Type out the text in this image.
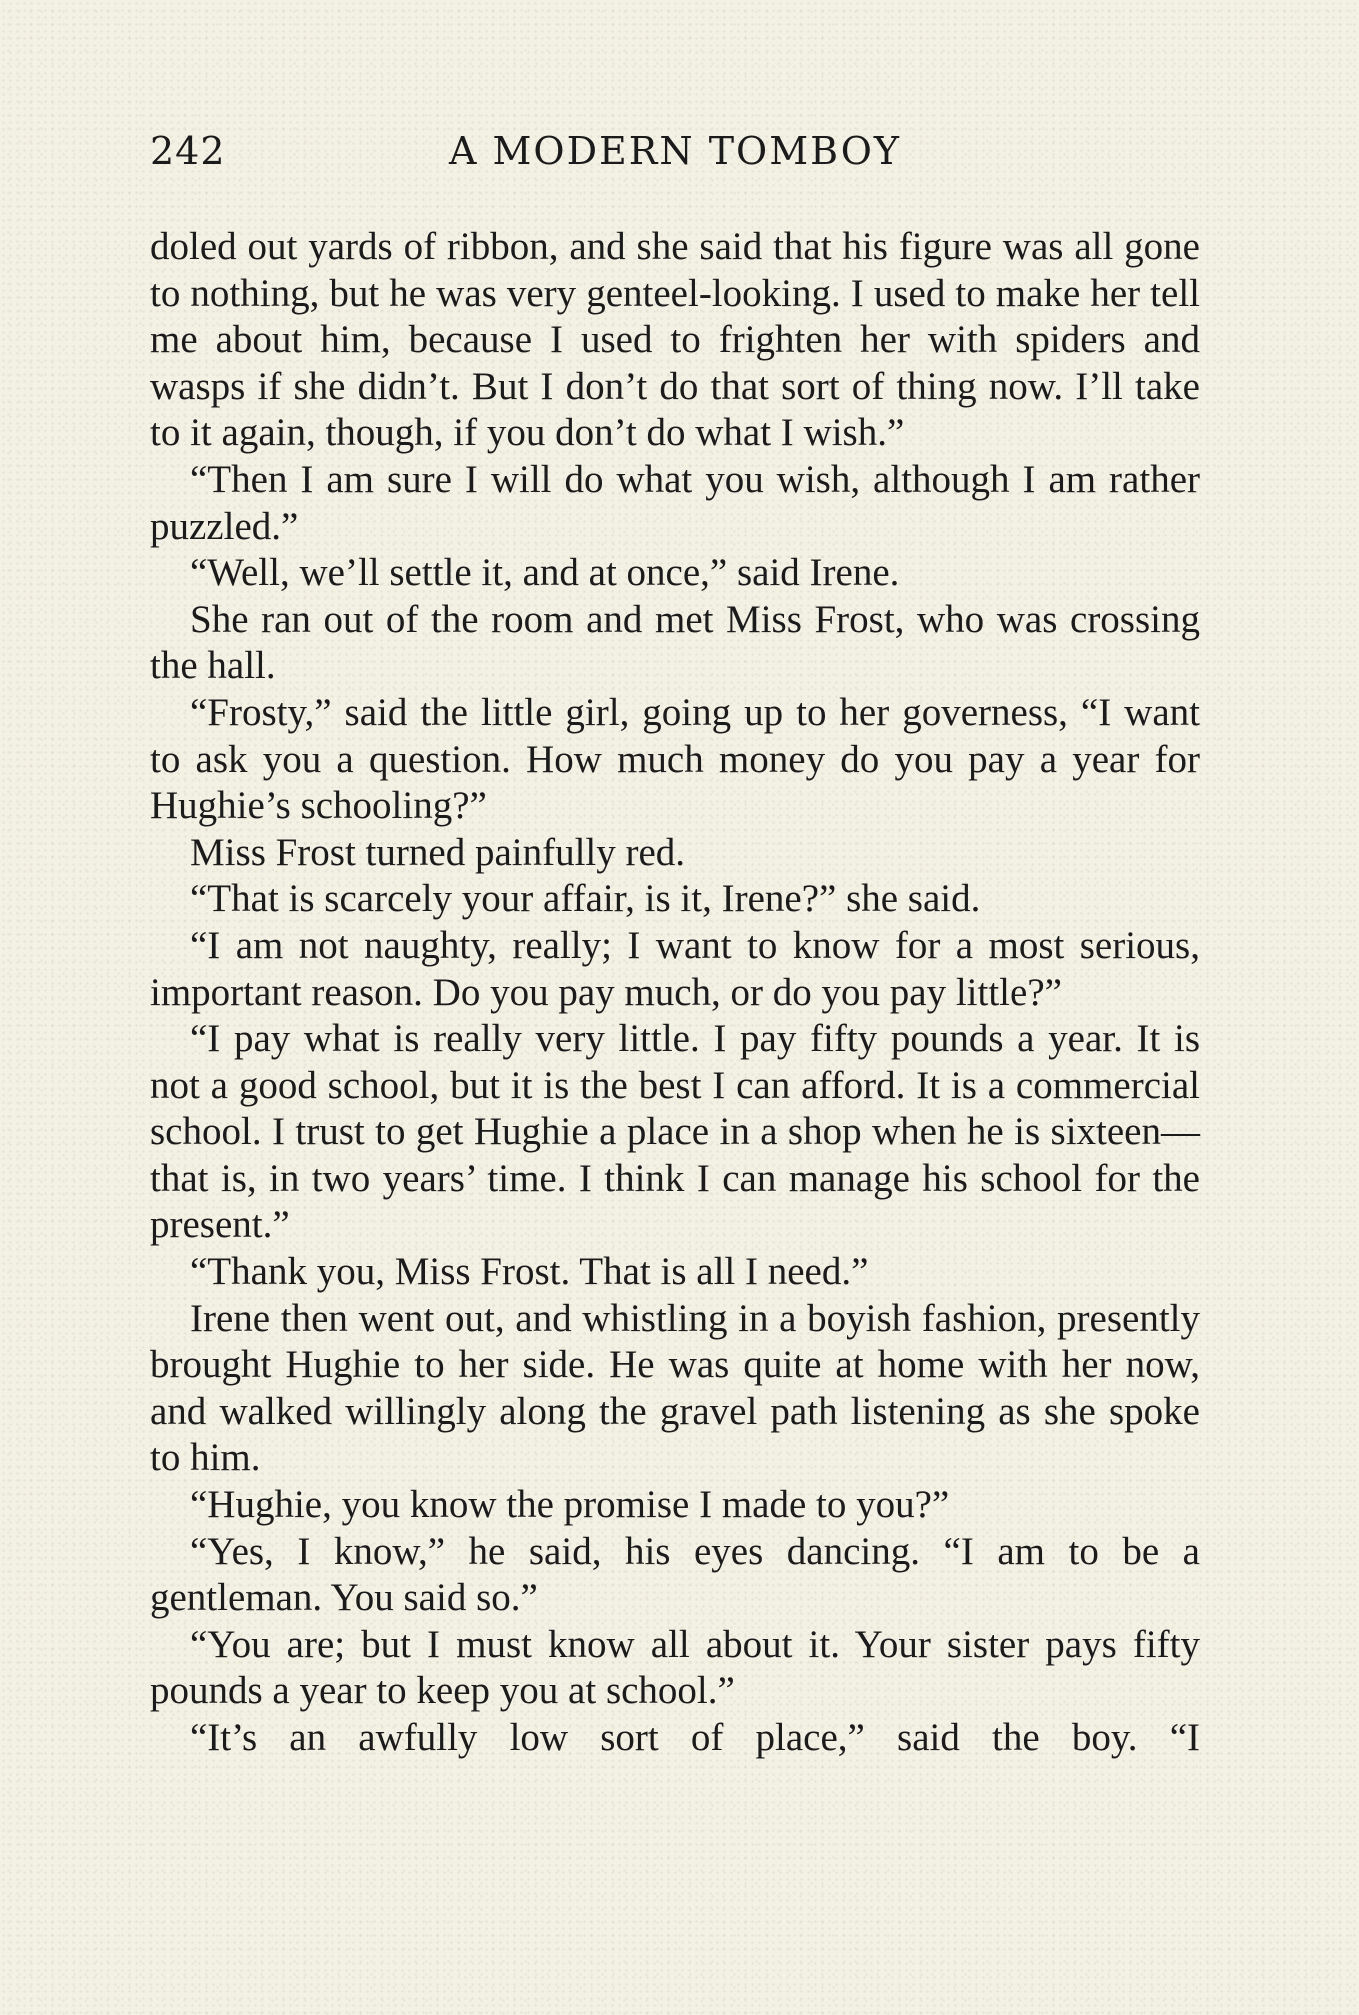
242	A MODERN TOMBOY

doled out yards of ribbon, and she said that his figure was all gone to nothing, but he was very genteel-looking. I used to make her tell me about him, because I used to frighten her with spiders and wasps if she didn’t. But I don’t do that sort of thing now. I’ll take to it again, though, if you don’t do what I wish.”

“Then I am sure I will do what you wish, although I am rather puzzled.”

“Well, we’ll settle it, and at once,” said Irene.

She ran out of the room and met Miss Frost, who was crossing the hall.

“Frosty,” said the little girl, going up to her governess, “I want to ask you a question. How much money do you pay a year for Hughie’s schooling?”

Miss Frost turned painfully red.

“That is scarcely your affair, is it, Irene?” she said.

“I am not naughty, really; I want to know for a most serious, important reason. Do you pay much, or do you pay little?”

“I pay what is really very little. I pay fifty pounds a year. It is not a good school, but it is the best I can afford. It is a commercial school. I trust to get Hughie a place in a shop when he is sixteen—that is, in two years’ time. I think I can manage his school for the present.”

“Thank you, Miss Frost. That is all I need.”

Irene then went out, and whistling in a boyish fashion, presently brought Hughie to her side. He was quite at home with her now, and walked willingly along the gravel path listening as she spoke to him.

“Hughie, you know the promise I made to you?”

“Yes, I know,” he said, his eyes dancing. “I am to be a gentleman. You said so.”

“You are; but I must know all about it. Your sister pays fifty pounds a year to keep you at school.”

“It’s an awfully low sort of place,” said the boy. “I
